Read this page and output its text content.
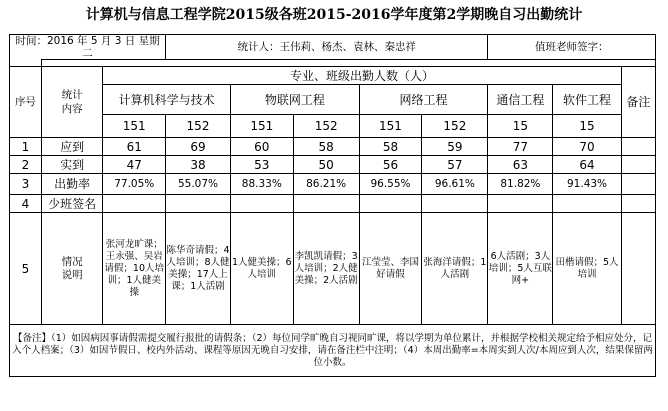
计算机与信息工程学院2015级各班2015-2016学年度第2学期晚自习出勤统计
时间：2016 年 5 月 3 日 星期 二			统计人：王伟莉、杨杰、袁林、秦忠祥					值班老师签字：		

序号	统计内容	专业、班级出勤人数（人）								备注
		计算机科学与技术		物联网工程		网络工程		通信工程	软件工程	
		151	152	151	152	151	152	15	15	
1	应到	61	69	60	58	58	59	77	70	
2	实到	47	38	53	50	56	57	63	64	
3	出勤率	77.05%	55.07%	88.33%	86.21%	96.55%	96.61%	81.82%	91.43%	
4	少班签名									
5	情况说明	张河龙旷课；王永强、吴岩请假；10人培训；1人健美操	陈华奇请假；4人培训；8人健美操；17人上课；1人活剧	1人健美操；6人培训	李凯凯请假；3人培训；2人健美操；2人活剧	江莹莹、李国好请假	张海洋请假；1人活剧	6人活剧；3人培训；5人互联网+	田楷请假；5人培训	
【备注】（1）如因病因事请假需提交履行报批的请假条；（2）每位同学旷晚自习视同旷课，将以学期为单位累计，并根据学校相关规定给予相应处分，记入个人档案；（3）如因节假日、校内外活动、课程等原因无晚自习安排，请在备注栏中注明；（4）本周出勤率=本周实到人次/本周应到人次，结果保留两位小数。										
